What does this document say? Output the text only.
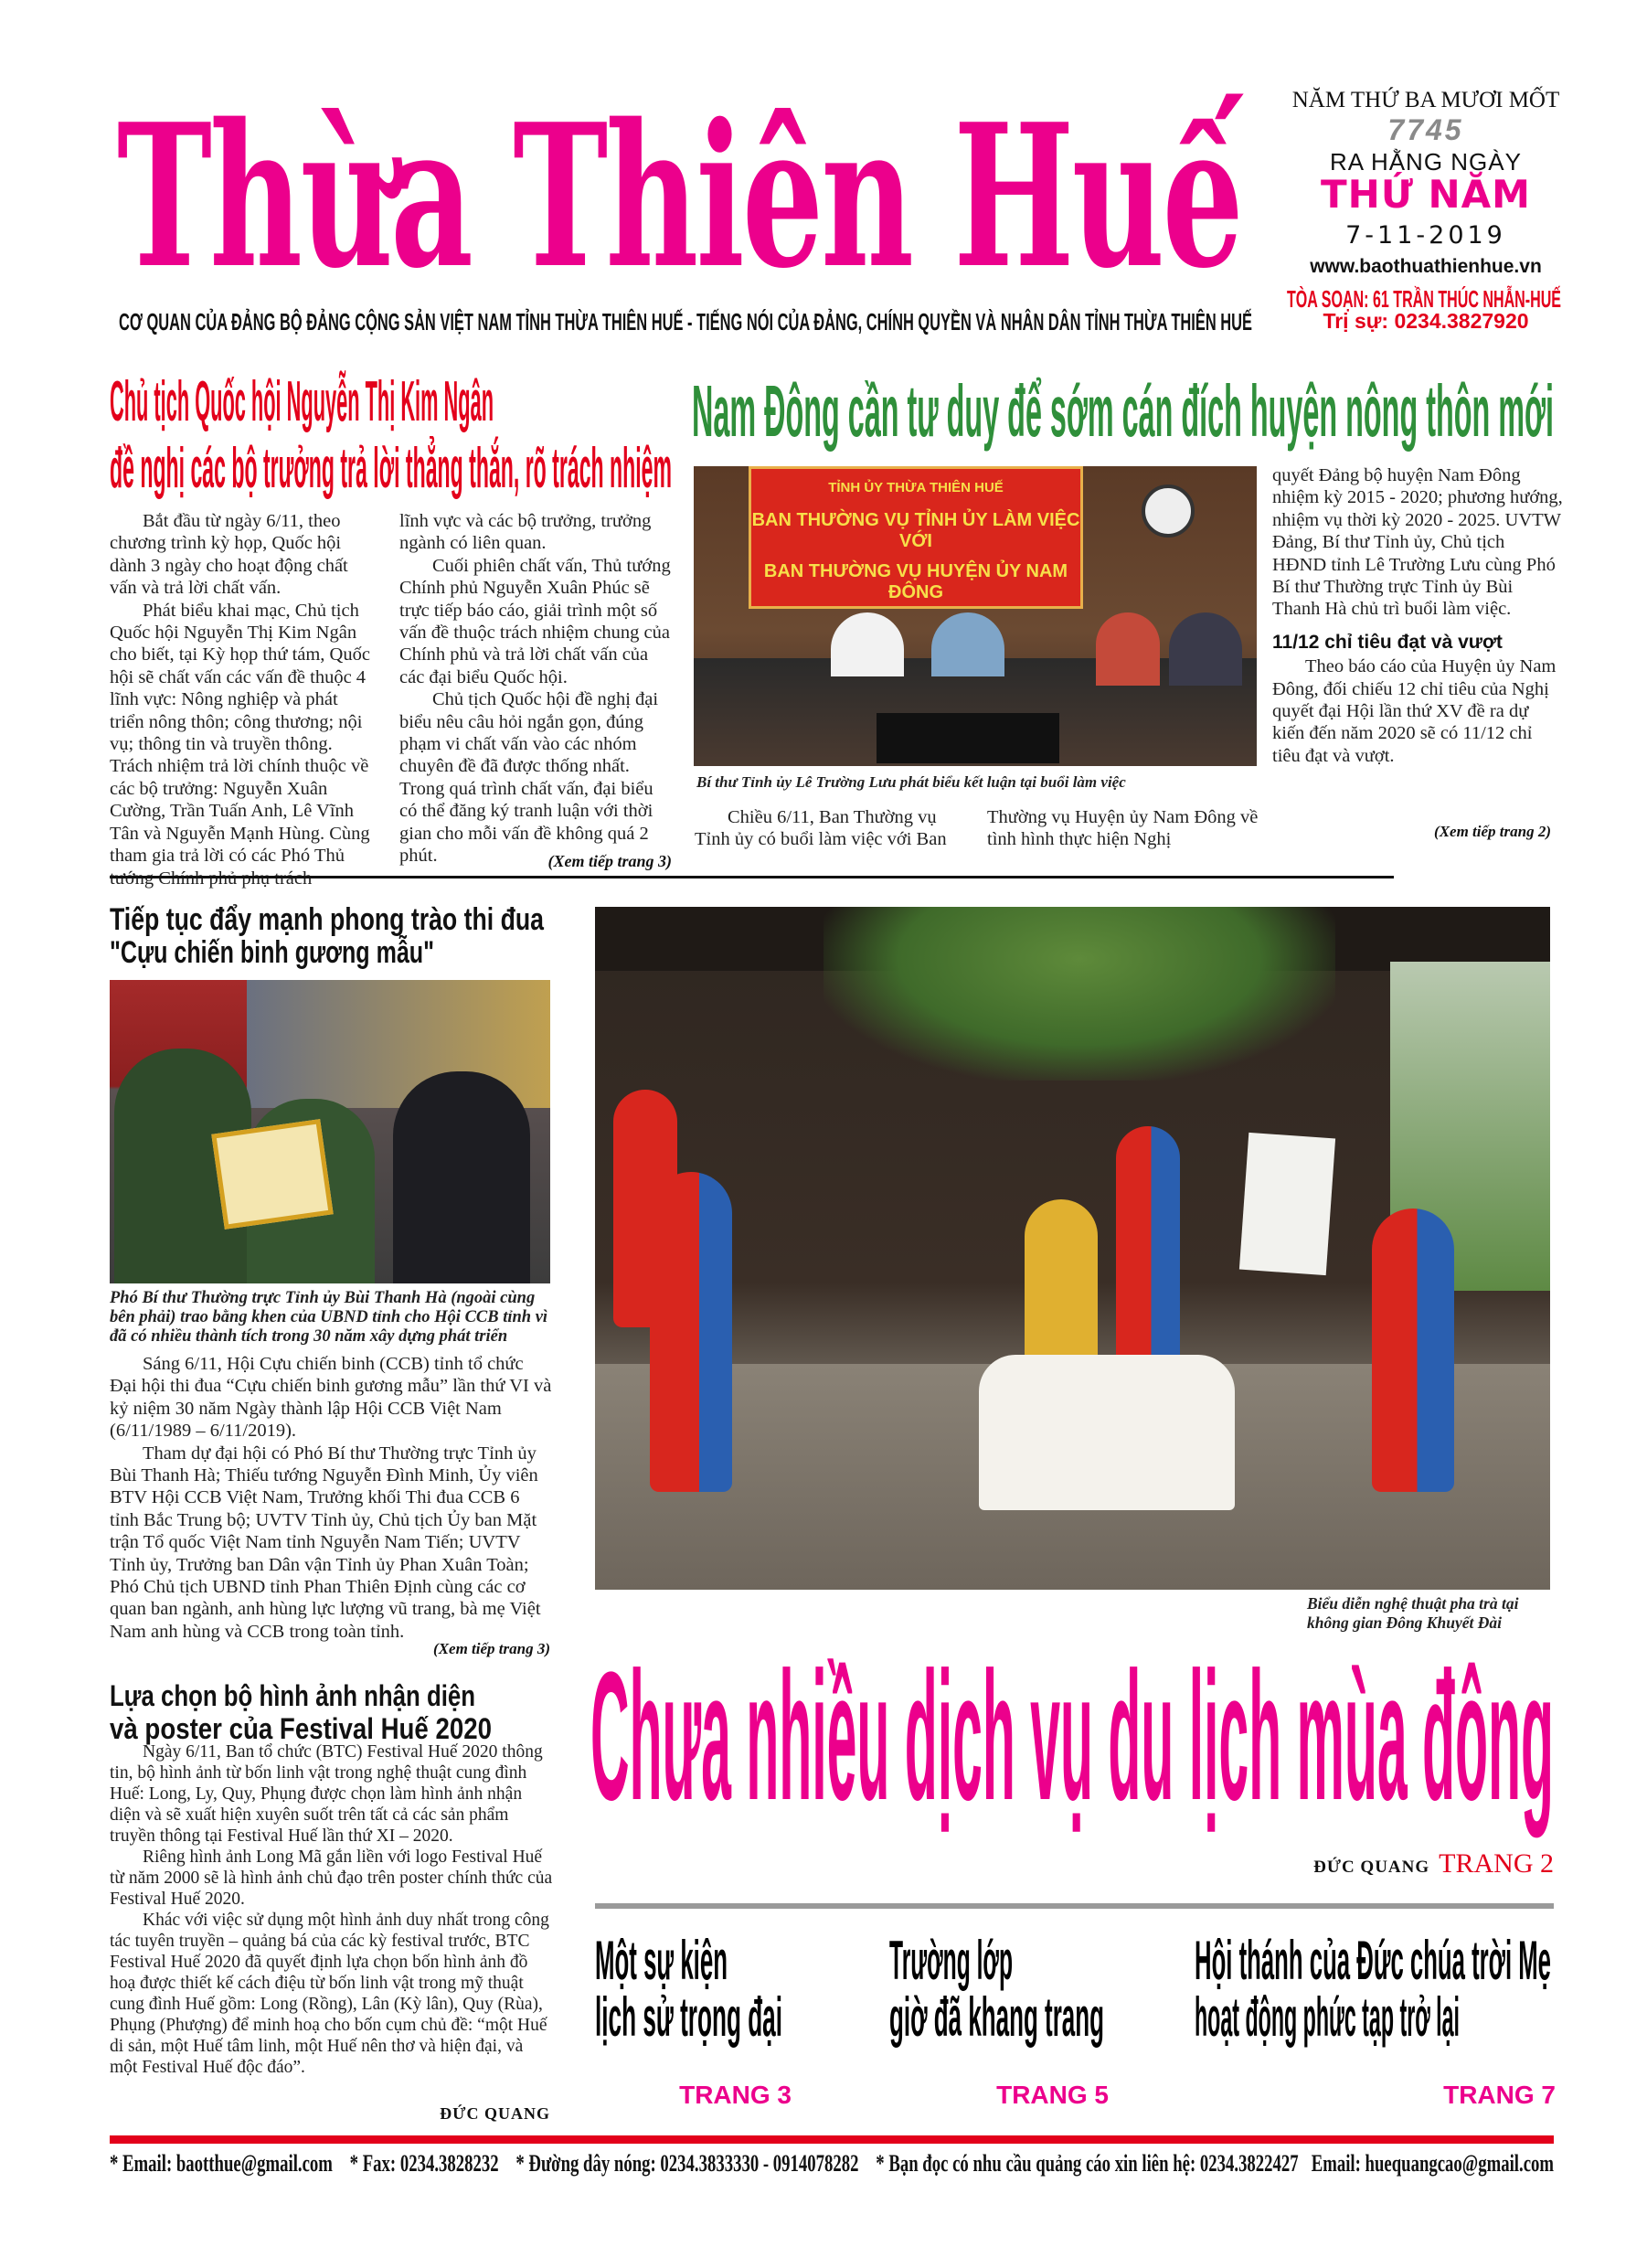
Thừa Thiên Huế
CƠ QUAN CỦA ĐẢNG BỘ ĐẢNG CỘNG SẢN VIỆT NAM TỈNH THỪA THIÊN HUẾ - TIẾNG NÓI CỦA ĐẢNG, CHÍNH QUYỀN VÀ NHÂN DÂN TỈNH THỪA THIÊN HUẾ
NĂM THỨ BA MƯƠI MỐT
7745
RA HẰNG NGÀY
THỨ NĂM
7-11-2019
www.baothuathienhue.vn
TÒA SOẠN: 61 TRẦN THÚC NHẪN-HUẾ
Trị sự: 0234.3827920
Chủ tịch Quốc hội Nguyễn Thị Kim Ngân
đề nghị các bộ trưởng trả lời thẳng thắn, rõ trách nhiệm

Bắt đầu từ ngày 6/11, theo chương trình kỳ họp, Quốc hội dành 3 ngày cho hoạt động chất vấn và trả lời chất vấn.

Phát biểu khai mạc, Chủ tịch Quốc hội Nguyễn Thị Kim Ngân cho biết, tại Kỳ họp thứ tám, Quốc hội sẽ chất vấn các vấn đề thuộc 4 lĩnh vực: Nông nghiệp và phát triển nông thôn; công thương; nội vụ; thông tin và truyền thông. Trách nhiệm trả lời chính thuộc về các bộ trưởng: Nguyễn Xuân Cường, Trần Tuấn Anh, Lê Vĩnh Tân và Nguyễn Mạnh Hùng. Cùng tham gia trả lời có các Phó Thủ

lĩnh vực và các bộ trưởng, trưởng ngành có liên quan.

Cuối phiên chất vấn, Thủ tướng Chính phủ Nguyễn Xuân Phúc sẽ trực tiếp báo cáo, giải trình một số vấn đề thuộc trách nhiệm chung của Chính phủ và trả lời chất vấn của các đại biểu Quốc hội.

Chủ tịch Quốc hội đề nghị đại biểu nêu câu hỏi ngắn gọn, đúng phạm vi chất vấn vào các nhóm chuyên đề đã được thống nhất. Trong quá trình chất vấn, đại biểu có thể đăng ký tranh luận với thời gian cho mỗi vấn đề không quá 2 phút.	(Xem tiếp trang 3)
Nam Đông cần tư duy để sớm cán đích huyện nông thôn mới
TỈNH ỦY THỪA THIÊN HUẾ
BAN THƯỜNG VỤ TỈNH ỦY LÀM VIỆC VỚI
BAN THƯỜNG VỤ HUYỆN ỦY NAM ĐÔNG
Bí thư Tỉnh ủy Lê Trường Lưu phát biểu kết luận tại buổi làm việc

Chiều 6/11, Ban Thường vụ Tỉnh ủy có buổi làm việc với Ban

Thường vụ Huyện ủy Nam Đông về tình hình thực hiện Nghị

quyết Đảng bộ huyện Nam Đông nhiệm kỳ 2015 - 2020; phương hướng, nhiệm vụ thời kỳ 2020 - 2025. UVTW Đảng, Bí thư Tỉnh ủy, Chủ tịch HĐND tỉnh Lê Trường Lưu cùng Phó Bí thư Thường trực Tỉnh ủy Bùi Thanh Hà chủ trì buổi làm việc.

11/12 chỉ tiêu đạt và vượt

Theo báo cáo của Huyện ủy Nam Đông, đối chiếu 12 chỉ tiêu của Nghị quyết đại Hội lần thứ XV đề ra dự kiến đến năm 2020 sẽ có 11/12 chỉ tiêu đạt và vượt.

(Xem tiếp trang 2)
Tiếp tục đẩy mạnh phong trào thi đua
"Cựu chiến binh gương mẫu"
Phó Bí thư Thường trực Tỉnh ủy Bùi Thanh Hà (ngoài cùng bên phải) trao bằng khen của UBND tỉnh cho Hội CCB tỉnh vì đã có nhiều thành tích trong 30 năm xây dựng phát triển

Sáng 6/11, Hội Cựu chiến binh (CCB) tỉnh tổ chức Đại hội thi đua “Cựu chiến binh gương mẫu” lần thứ VI và kỷ niệm 30 năm Ngày thành lập Hội CCB Việt Nam (6/11/1989 – 6/11/2019).

Tham dự đại hội có Phó Bí thư Thường trực Tỉnh ủy Bùi Thanh Hà; Thiếu tướng Nguyễn Đình Minh, Ủy viên BTV Hội CCB Việt Nam, Trưởng khối Thi đua CCB 6 tỉnh Bắc Trung bộ; UVTV Tỉnh ủy, Chủ tịch Ủy ban Mặt trận Tổ quốc Việt Nam tỉnh Nguyễn Nam Tiến; UVTV Tỉnh ủy, Trưởng ban Dân vận Tỉnh ủy Phan Xuân Toàn; Phó Chủ tịch UBND tỉnh Phan Thiên Định cùng các cơ quan ban ngành, anh hùng lực lượng vũ trang, bà mẹ Việt Nam anh hùng và CCB trong toàn tỉnh.

(Xem tiếp trang 3)
Lựa chọn bộ hình ảnh nhận diện
và poster của Festival Huế 2020

Ngày 6/11, Ban tổ chức (BTC) Festival Huế 2020 thông tin, bộ hình ảnh từ bốn linh vật trong nghệ thuật cung đình Huế: Long, Ly, Quy, Phụng được chọn làm hình ảnh nhận diện và sẽ xuất hiện xuyên suốt trên tất cả các sản phẩm truyền thông tại Festival Huế lần thứ XI – 2020.

Riêng hình ảnh Long Mã gắn liền với logo Festival Huế từ năm 2000 sẽ là hình ảnh chủ đạo trên poster chính thức của Festival Huế 2020.

Khác với việc sử dụng một hình ảnh duy nhất trong công tác tuyên truyền – quảng bá của các kỳ festival trước, BTC Festival Huế 2020 đã quyết định lựa chọn bốn hình ảnh đồ hoạ được thiết kế cách điệu từ bốn linh vật trong mỹ thuật cung đình Huế gồm: Long (Rồng), Lân (Kỳ lân), Quy (Rùa), Phụng (Phượng) để minh hoạ cho bốn cụm chủ đề: “một Huế di sản, một Huế tâm linh, một Huế nên thơ và hiện đại, và một Festival Huế độc đáo”.

ĐỨC QUANG
Biểu diễn nghệ thuật pha trà tại
không gian Đông Khuyết Đài
Chưa nhiều dịch vụ du lịch mùa đông
ĐỨC QUANG TRANG 2
Một sự kiện
lịch sử trọng đại
TRANG 3
Trường lớp
giờ đã khang trang
TRANG 5
Hội thánh của Đức chúa trời Mẹ
hoạt động phức tạp trở lại
TRANG 7
* Email: baotthue@gmail.com * Fax: 0234.3828232 * Đường dây nóng: 0234.3833330 - 0914078282 * Bạn đọc có nhu cầu quảng cáo xin liên hệ: 0234.3822427 Email: huequangcao@gmail.com
